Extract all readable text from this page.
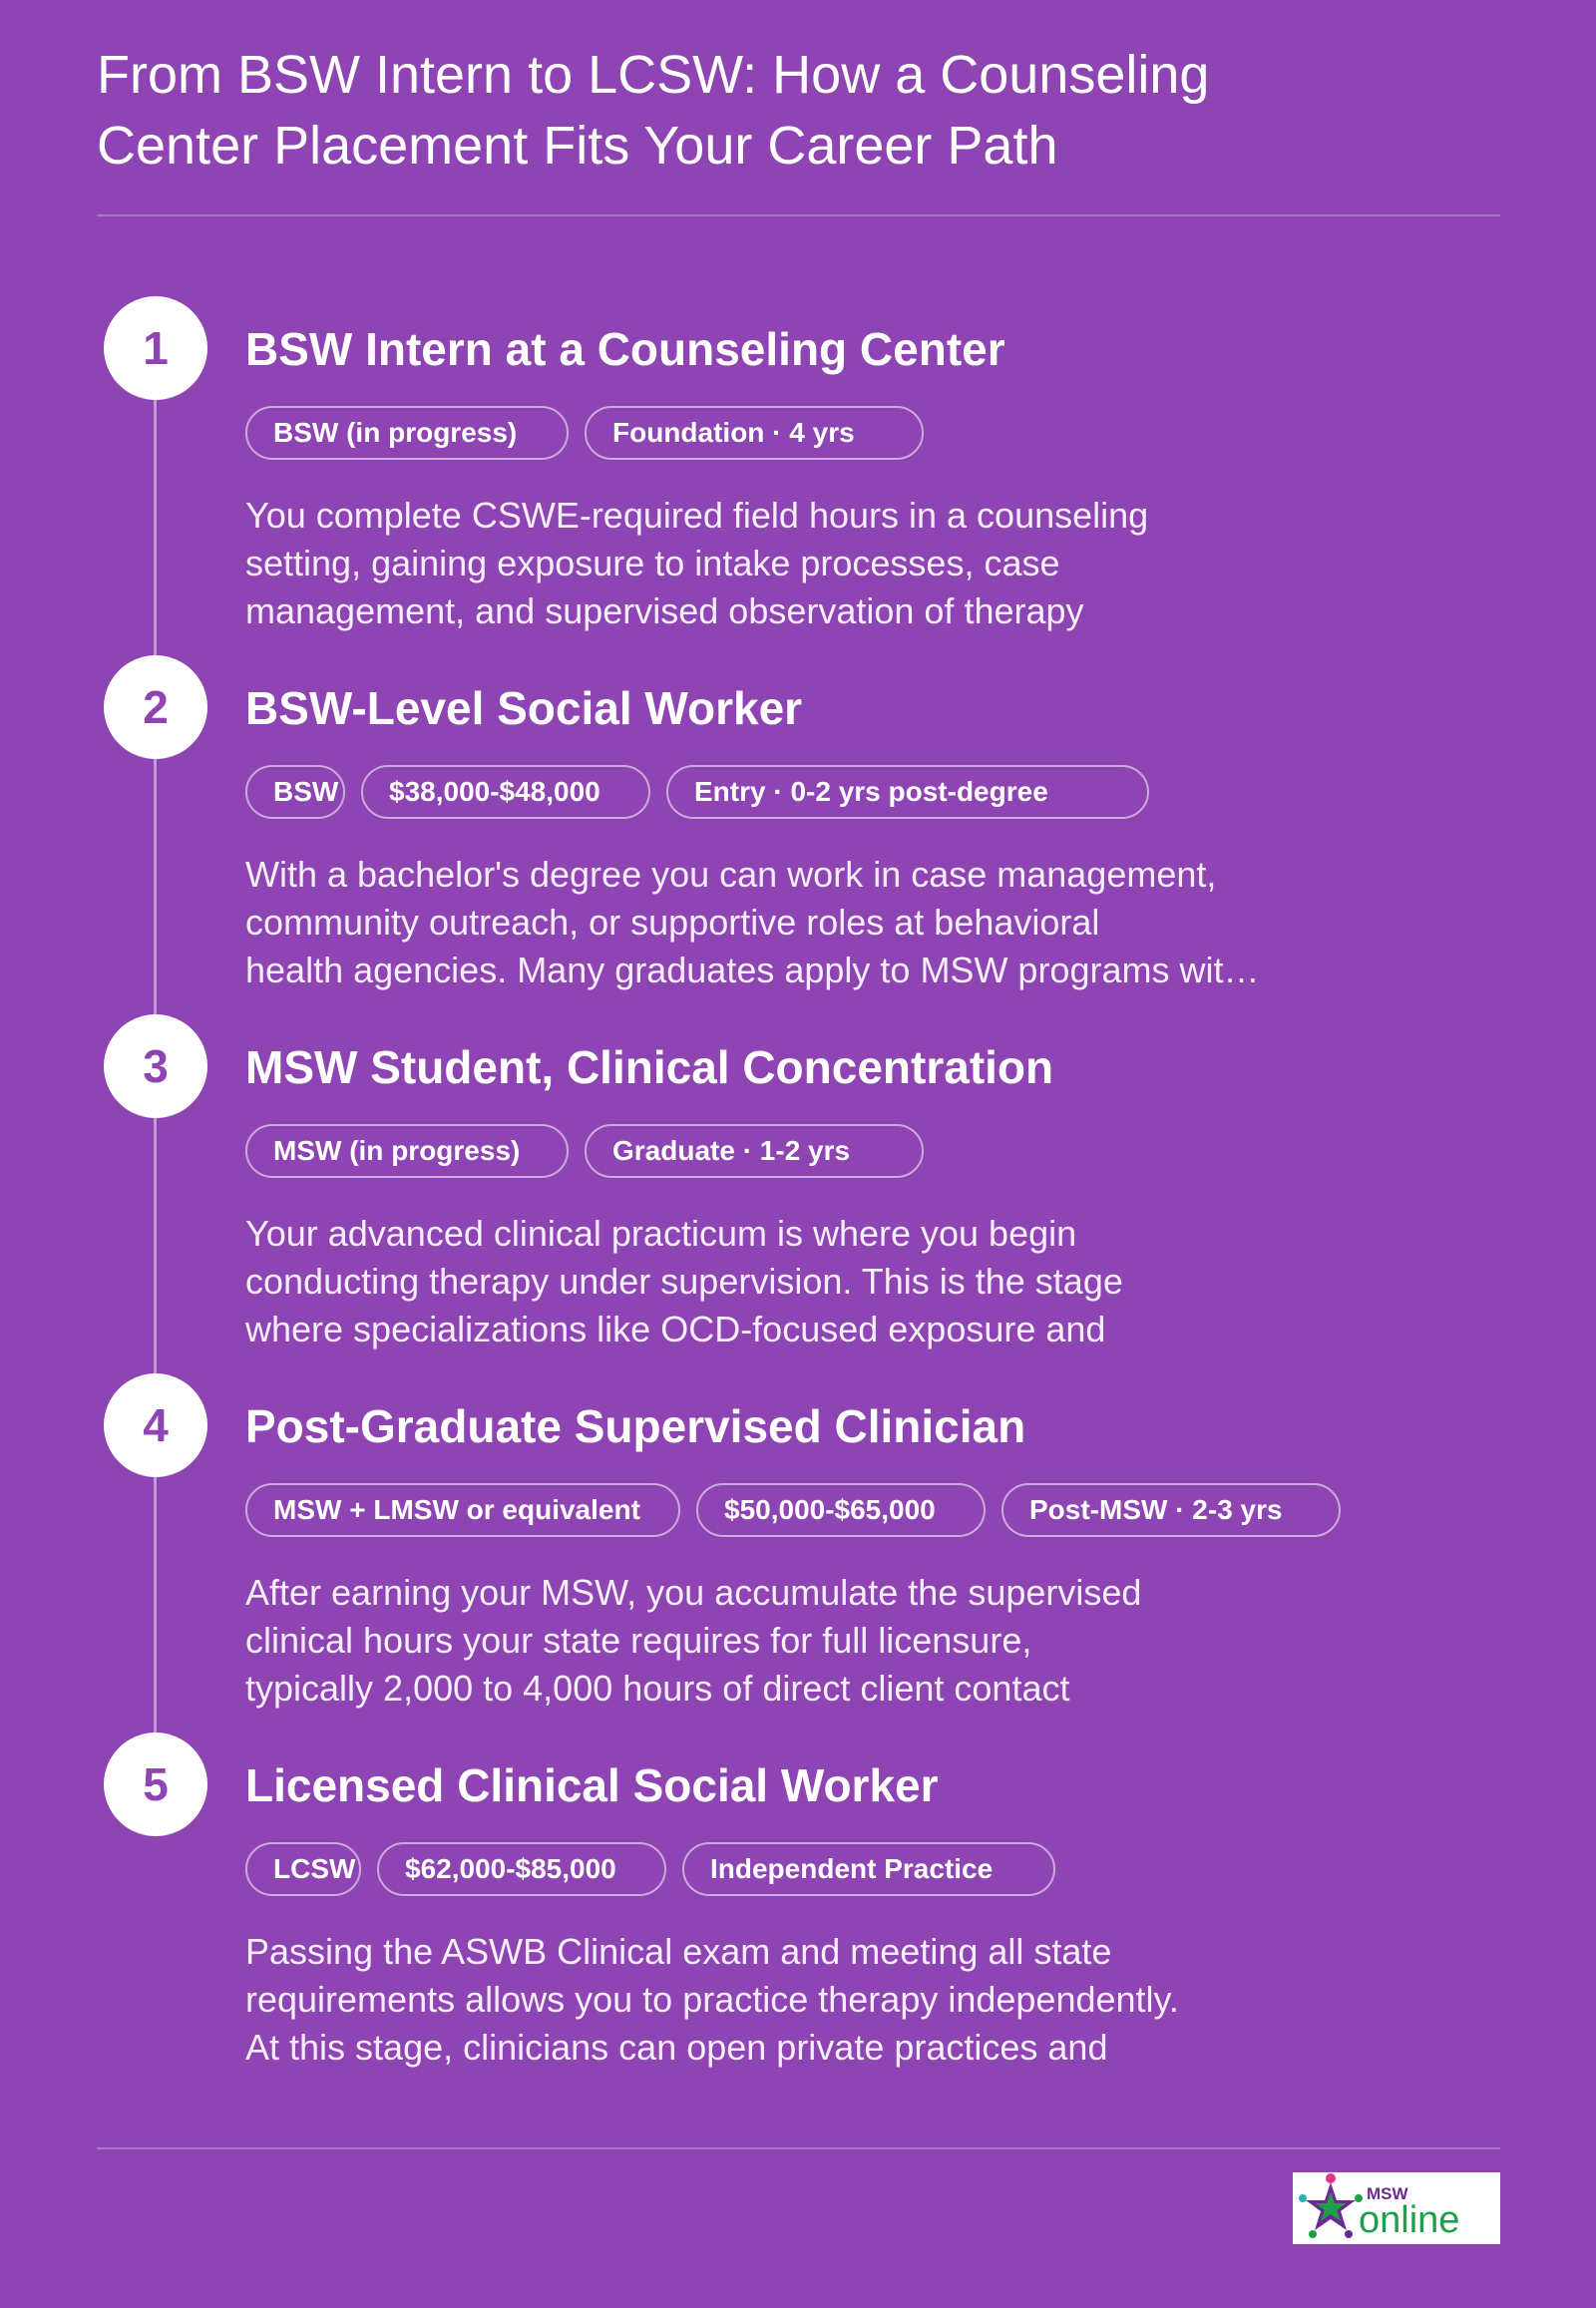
From BSW Intern to LCSW: How a Counseling
Center Placement Fits Your Career Path
1	BSW Intern at a Counseling Center
BSW (in progress)	Foundation · 4 yrs
You complete CSWE-required field hours in a counseling
setting, gaining exposure to intake processes, case
management, and supervised observation of therapy
2	BSW-Level Social Worker
BSW	$38,000-$48,000	Entry · 0-2 yrs post-degree
With a bachelor's degree you can work in case management,
community outreach, or supportive roles at behavioral
health agencies. Many graduates apply to MSW programs wit…
3	MSW Student, Clinical Concentration
MSW (in progress)	Graduate · 1-2 yrs
Your advanced clinical practicum is where you begin
conducting therapy under supervision. This is the stage
where specializations like OCD-focused exposure and
4	Post-Graduate Supervised Clinician
MSW + LMSW or equivalent	$50,000-$65,000	Post-MSW · 2-3 yrs
After earning your MSW, you accumulate the supervised
clinical hours your state requires for full licensure,
typically 2,000 to 4,000 hours of direct client contact
5	Licensed Clinical Social Worker
LCSW	$62,000-$85,000	Independent Practice
Passing the ASWB Clinical exam and meeting all state
requirements allows you to practice therapy independently.
At this stage, clinicians can open private practices and
MSW
online
